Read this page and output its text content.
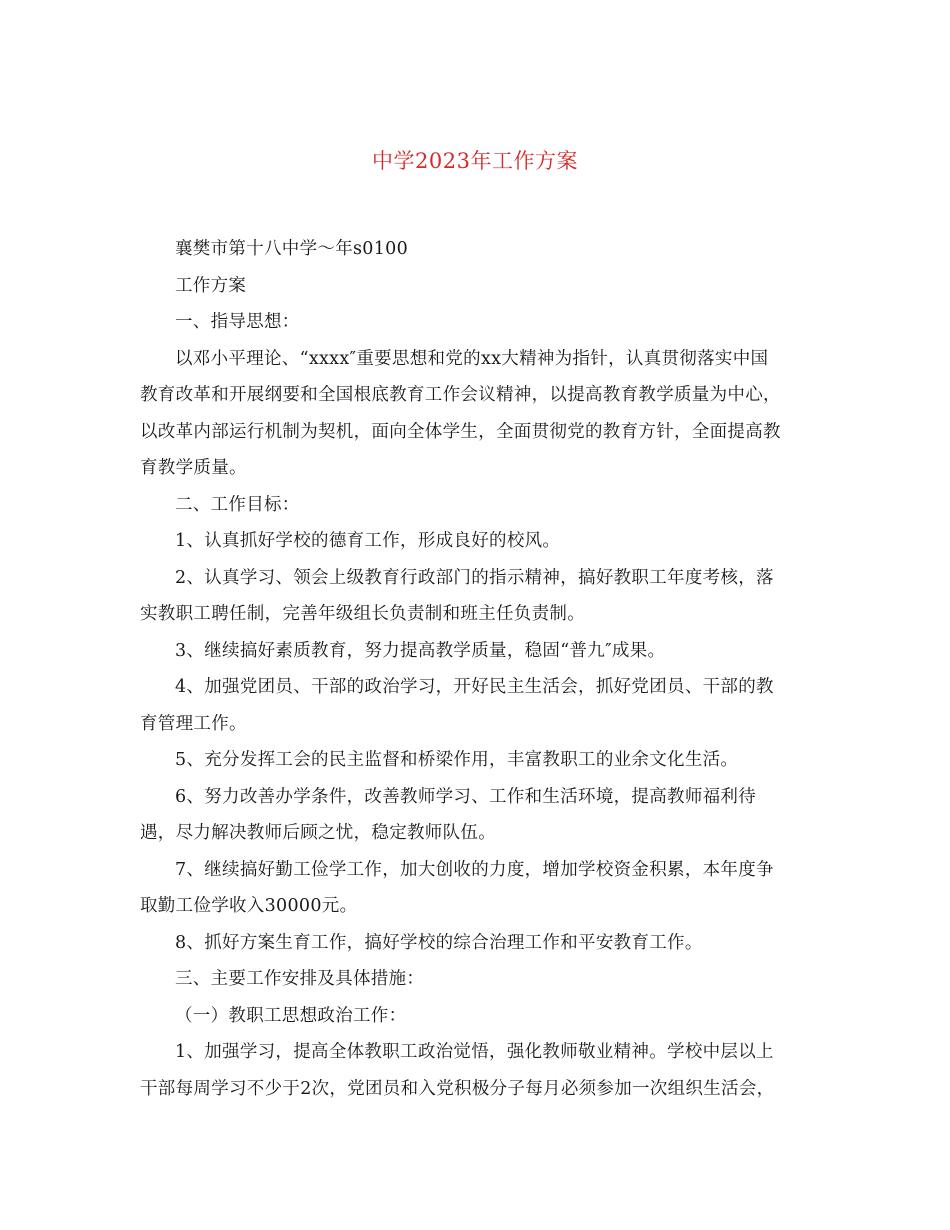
中学2023年工作方案
襄樊市第十八中学～年s0100
工作方案
一、指导思想：
以邓小平理论、“xxxx″重要思想和党的xx大精神为指针，认真贯彻落实中国
教育改革和开展纲要和全国根底教育工作会议精神，以提高教育教学质量为中心，
以改革内部运行机制为契机，面向全体学生，全面贯彻党的教育方针，全面提高教
育教学质量。
二、工作目标：
1、认真抓好学校的德育工作，形成良好的校风。
2、认真学习、领会上级教育行政部门的指示精神，搞好教职工年度考核，落
实教职工聘任制，完善年级组长负责制和班主任负责制。
3、继续搞好素质教育，努力提高教学质量，稳固“普九″成果。
4、加强党团员、干部的政治学习，开好民主生活会，抓好党团员、干部的教
育管理工作。
5、充分发挥工会的民主监督和桥梁作用，丰富教职工的业余文化生活。
6、努力改善办学条件，改善教师学习、工作和生活环境，提高教师福利待
遇，尽力解决教师后顾之忧，稳定教师队伍。
7、继续搞好勤工俭学工作，加大创收的力度，增加学校资金积累，本年度争
取勤工俭学收入30000元。
8、抓好方案生育工作，搞好学校的综合治理工作和平安教育工作。
三、主要工作安排及具体措施：
（一）教职工思想政治工作：
1、加强学习，提高全体教职工政治觉悟，强化教师敬业精神。学校中层以上
干部每周学习不少于2次，党团员和入党积极分子每月必须参加一次组织生活会，
